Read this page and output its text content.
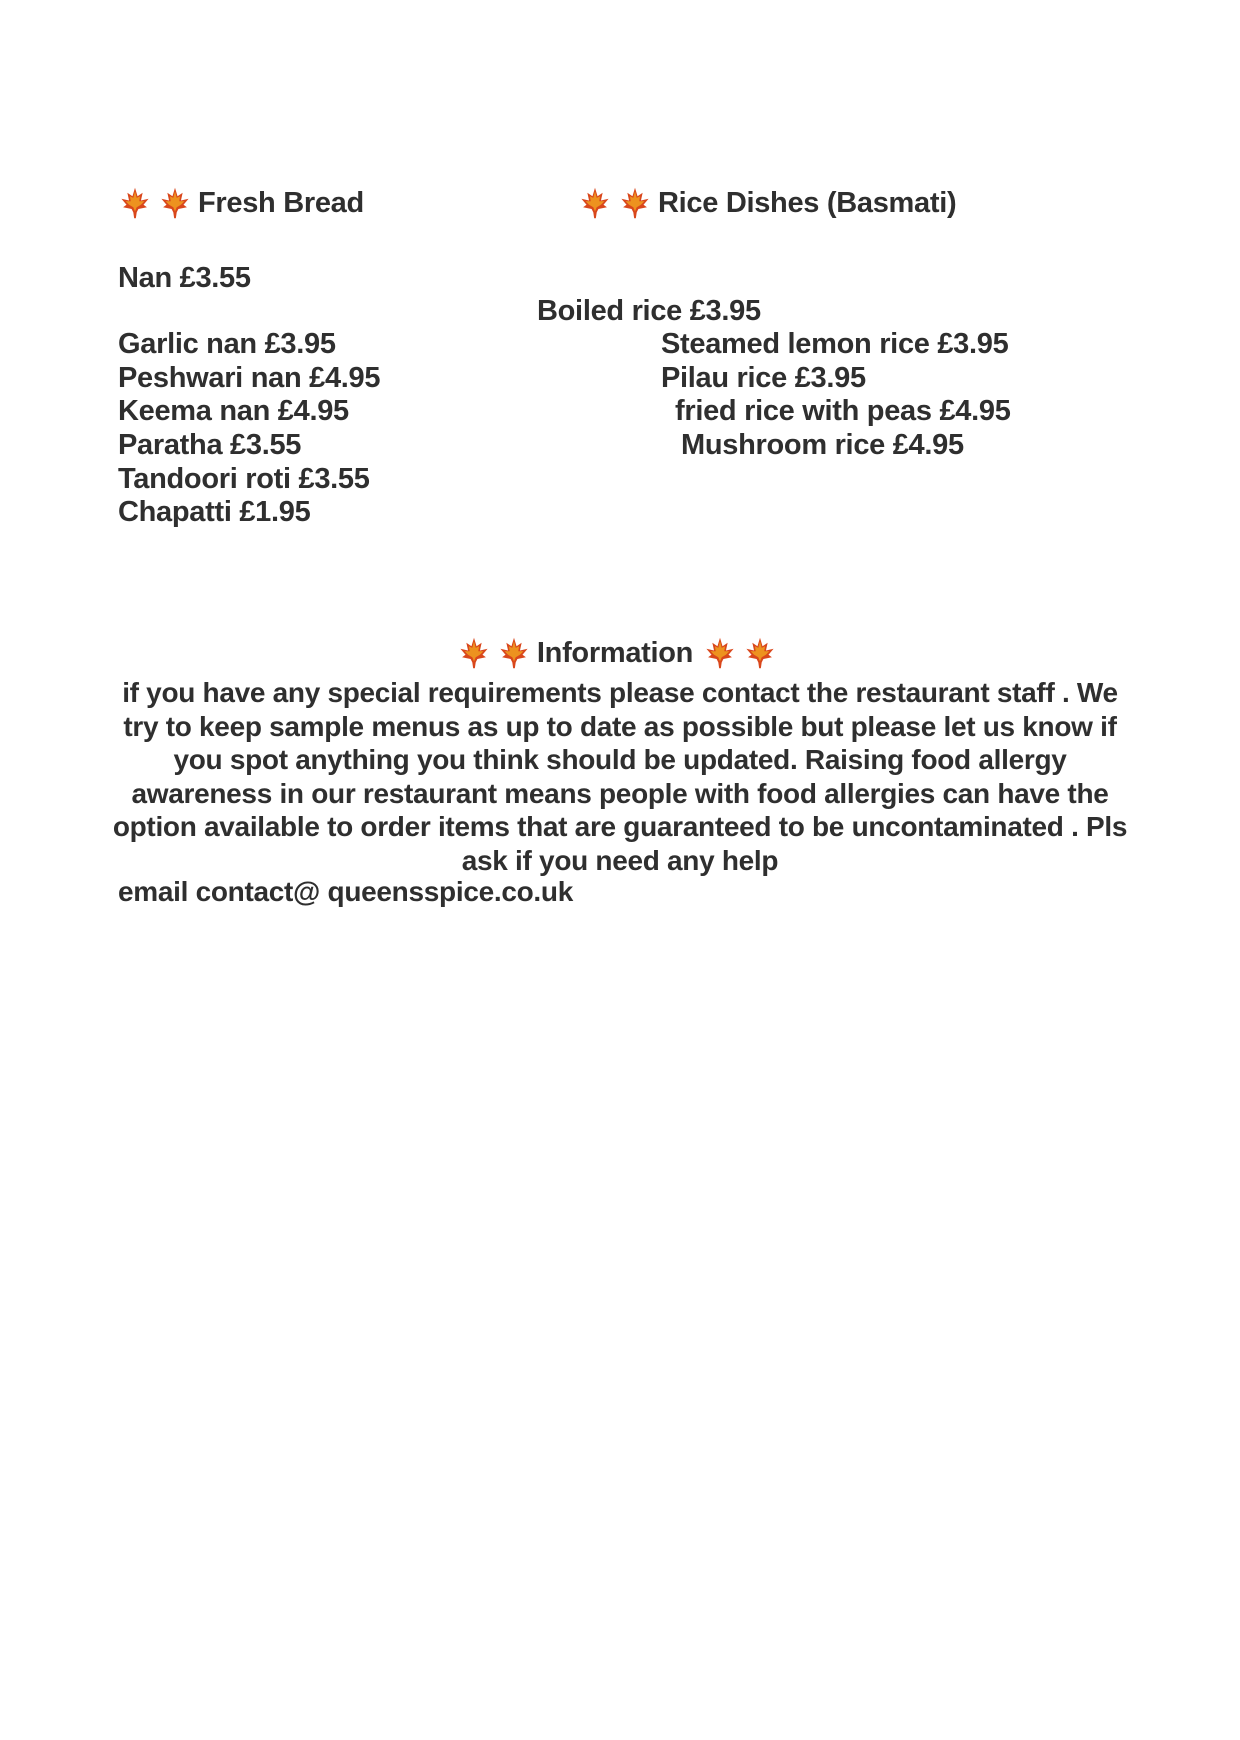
Fresh Bread	Rice Dishes (Basmati)
Nan £3.55
Garlic nan £3.95
Peshwari nan £4.95
Keema nan £4.95
Paratha £3.55
Tandoori roti £3.55
Chapatti £1.95
Boiled rice £3.95
Steamed lemon rice £3.95
Pilau rice £3.95
fried rice with peas £4.95
Mushroom rice £4.95
Information
if you have any special requirements please contact the restaurant staff . We try to keep sample menus as up to date as possible but please let us know if you spot anything you think should be updated. Raising food allergy awareness in our restaurant means people with food allergies can have the option available to order items that are guaranteed to be uncontaminated . Pls ask if you need any help
email contact@ queensspice.co.uk
